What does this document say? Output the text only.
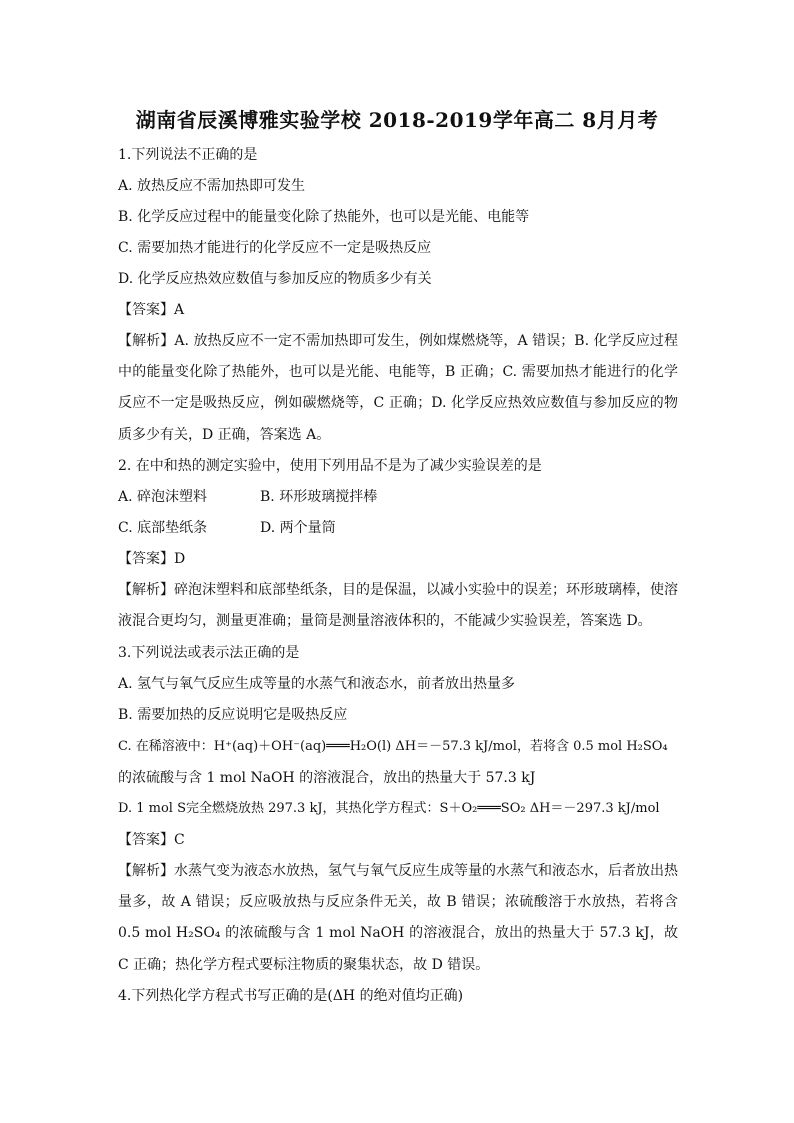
湖南省辰溪博雅实验学校 2018-2019学年高二 8月月考
1.下列说法不正确的是
A. 放热反应不需加热即可发生
B. 化学反应过程中的能量变化除了热能外，也可以是光能、电能等
C. 需要加热才能进行的化学反应不一定是吸热反应
D. 化学反应热效应数值与参加反应的物质多少有关
【答案】A
【解析】A. 放热反应不一定不需加热即可发生，例如煤燃烧等，A 错误；B. 化学反应过程中的能量变化除了热能外，也可以是光能、电能等，B 正确；C. 需要加热才能进行的化学反应不一定是吸热反应，例如碳燃烧等，C 正确；D. 化学反应热效应数值与参加反应的物质多少有关，D 正确，答案选 A。
2. 在中和热的测定实验中，使用下列用品不是为了减少实验误差的是
A. 碎泡沫塑料	B. 环形玻璃搅拌棒
C. 底部垫纸条	D. 两个量筒
【答案】D
【解析】碎泡沫塑料和底部垫纸条，目的是保温，以减小实验中的误差；环形玻璃棒，使溶液混合更均匀，测量更准确；量筒是测量溶液体积的，不能减少实验误差，答案选 D。
3.下列说法或表示法正确的是
A. 氢气与氧气反应生成等量的水蒸气和液态水，前者放出热量多
B. 需要加热的反应说明它是吸热反应
C. 在稀溶液中：H⁺(aq)＋OH⁻(aq)═══H₂O(l) ΔH＝－57.3 kJ/mol，若将含 0.5 mol H₂SO₄
的浓硫酸与含 1 mol NaOH 的溶液混合，放出的热量大于 57.3 kJ
D. 1 mol S完全燃烧放热 297.3 kJ，其热化学方程式：S＋O₂═══SO₂ ΔH＝－297.3 kJ/mol
【答案】C
【解析】水蒸气变为液态水放热，氢气与氧气反应生成等量的水蒸气和液态水，后者放出热量多，故 A 错误；反应吸放热与反应条件无关，故 B 错误；浓硫酸溶于水放热，若将含 0.5 mol H₂SO₄ 的浓硫酸与含 1 mol NaOH 的溶液混合，放出的热量大于 57.3 kJ，故 C 正确；热化学方程式要标注物质的聚集状态，故 D 错误。
4.下列热化学方程式书写正确的是(ΔH 的绝对值均正确)
